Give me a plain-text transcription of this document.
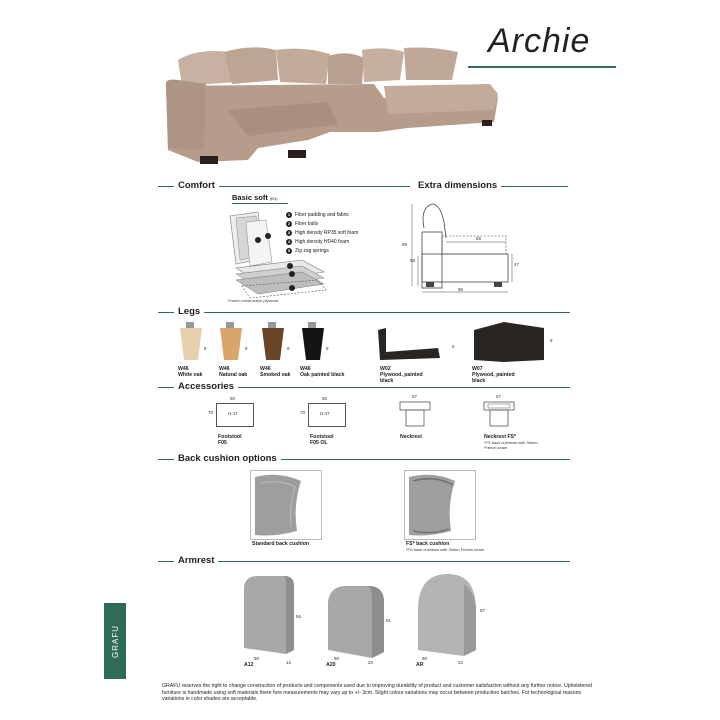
Archie
Comfort	Extra dimensions
Basic soft (B1)
Frame construction plywood
1 Fiber padding and fabric
2 Fiber balls
3 High density RP35 soft foam
4 High density HD40 foam
5 Zig zag springs
89
58
59
47
95
Legs
8	8	8	8	5
8
W46
White oak
W46
Natural oak
W46
Smoked oak
W46
Oak painted black
W02
Plywood, painted black
W07
Plywood, painted black
Accessories
50
70	H:47
Footstool
F05
50
70	H:47
Footstool
F05 OL
57
Neckrest
57
Neckrest FS*
*FS back cushions with 30mm French seam
Back cushion options
Standard back cushion	FS* back cushion
*FS back cushions with 30mm French seam
Armrest
56
90
12
A12
51
90
20
A20
57
90
22
AR
GRAFU
GRAFU reserves the right to change construction of products and components used due to improving durability of product and customer satisfaction without any further notice. Upholstered furniture is handmade using soft materials there fore measurements may vary up to +/- 3cm. Slight colour variations may occur between production batches. For technological reasons variations in color shades are acceptable.
